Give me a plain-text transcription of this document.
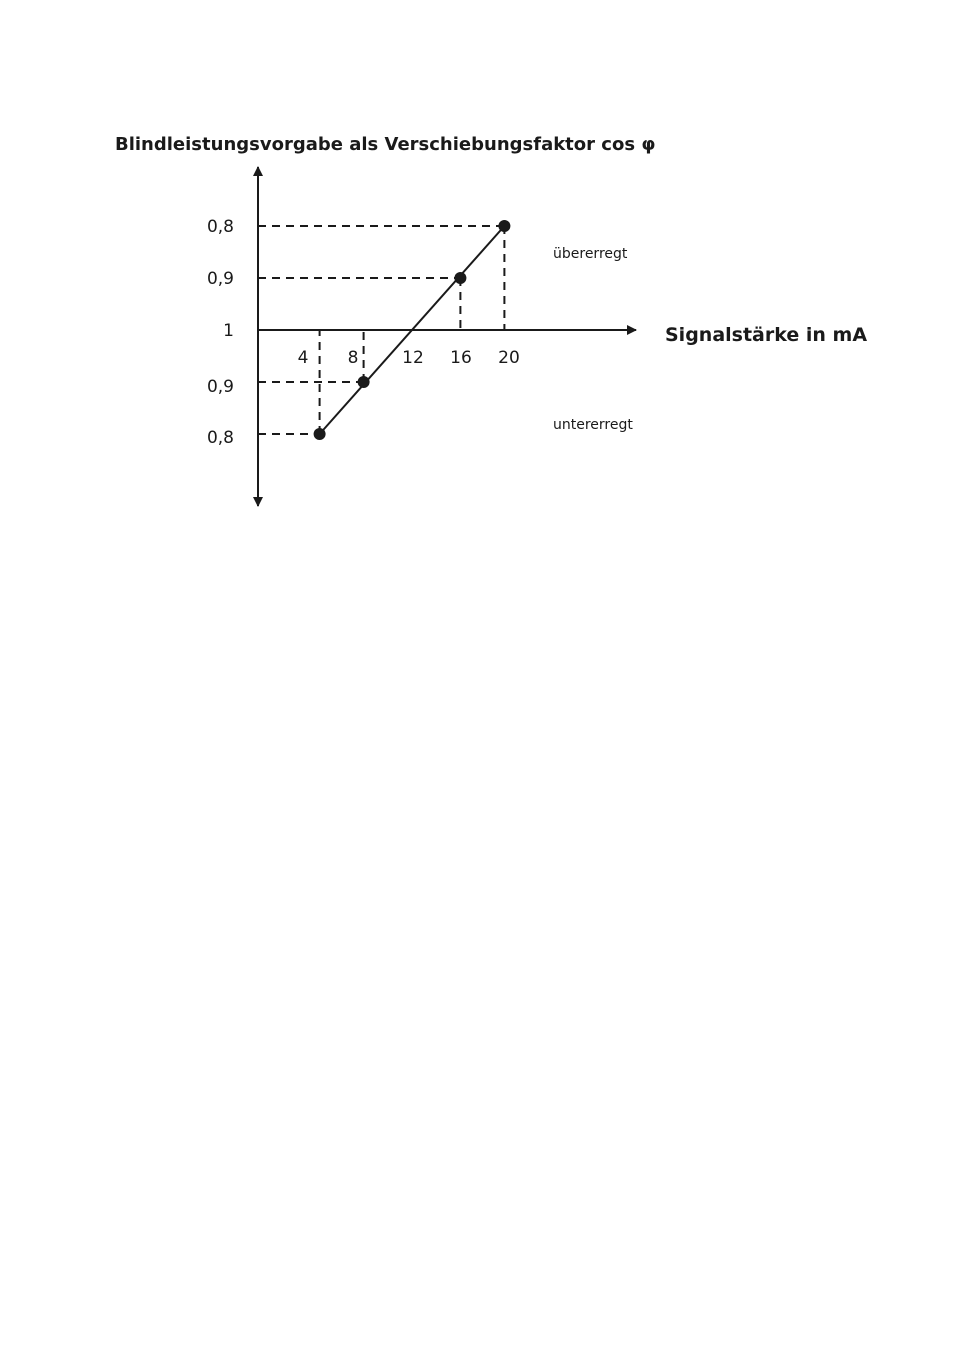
Blindleistungsvorgabe als Verschiebungsfaktor cos φ
Signalstärke in mA
0,8
0,9
1
0,9
0,8
4 8	12 16 20
übererregt
untererregt
